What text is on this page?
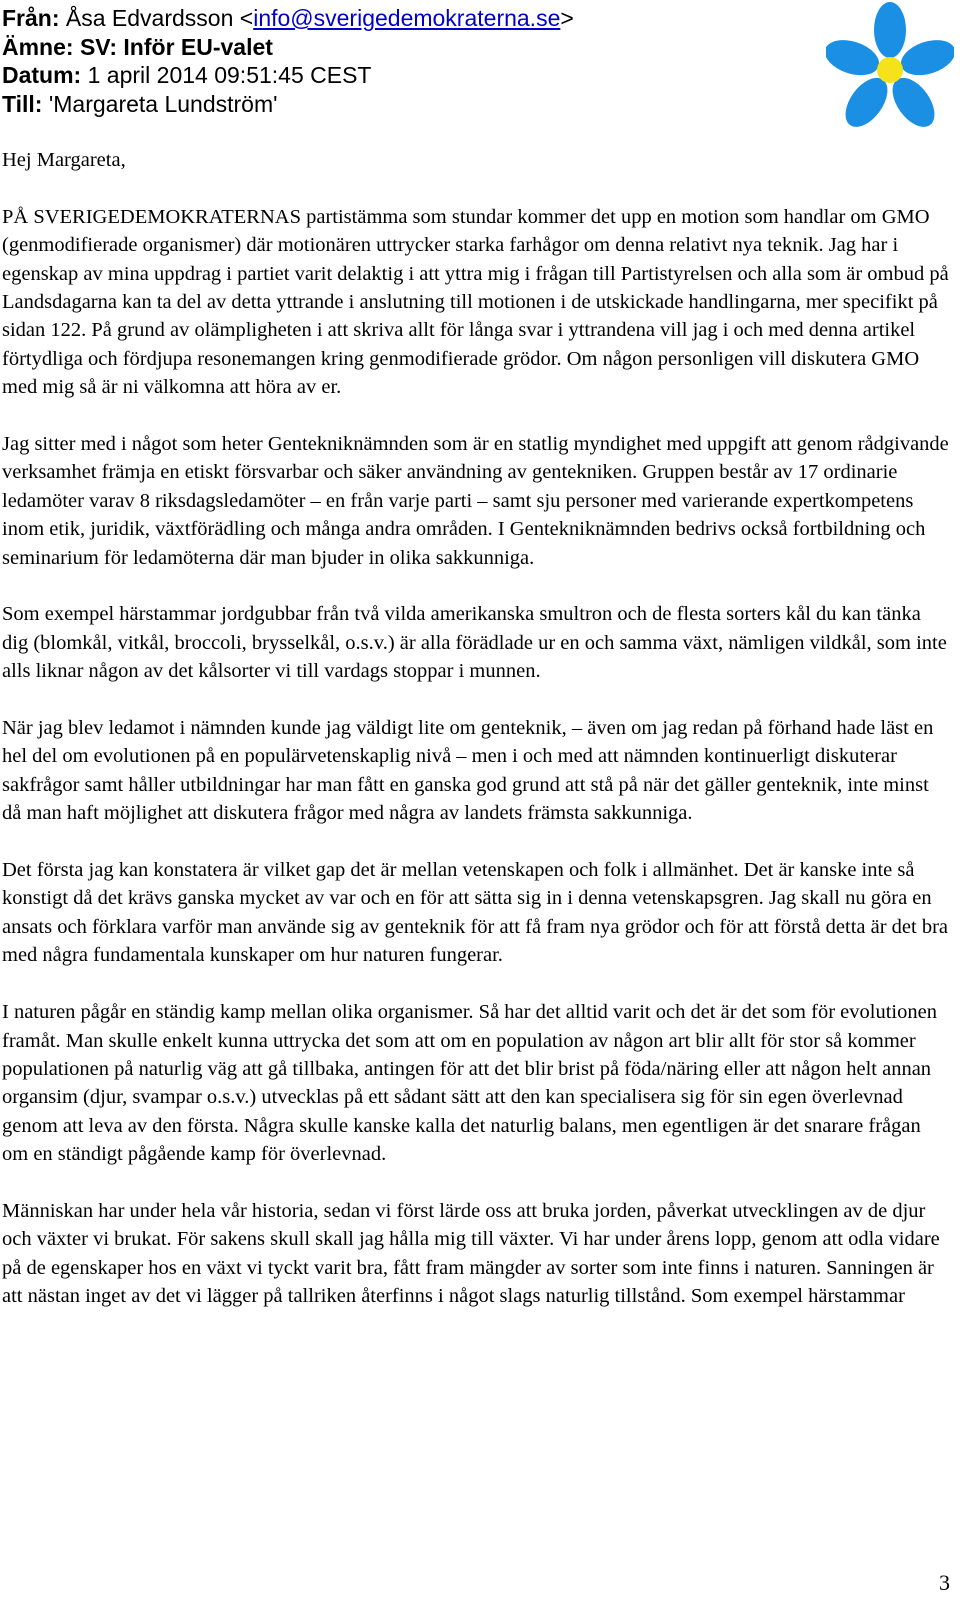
Från: Åsa Edvardsson <info@sverigedemokraterna.se>
Ämne: SV: Inför EU-valet
Datum: 1 april 2014 09:51:45 CEST
Till: 'Margareta Lundström'

Hej Margareta,

PÅ SVERIGEDEMOKRATERNAS partistämma som stundar kommer det upp en motion som handlar om GMO (genmodifierade organismer) där motionären uttrycker starka farhågor om denna relativt nya teknik. Jag har i egenskap av mina uppdrag i partiet varit delaktig i att yttra mig i frågan till Partistyrelsen och alla som är ombud på Landsdagarna kan ta del av detta yttrande i anslutning till motionen i de utskickade handlingarna, mer specifikt på sidan 122. På grund av olämpligheten i att skriva allt för långa svar i yttrandena vill jag i och med denna artikel förtydliga och fördjupa resonemangen kring genmodifierade grödor. Om någon personligen vill diskutera GMO med mig så är ni välkomna att höra av er.

Jag sitter med i något som heter Gentekniknämnden som är en statlig myndighet med uppgift att genom rådgivande verksamhet främja en etiskt försvarbar och säker användning av gentekniken. Gruppen består av 17 ordinarie ledamöter varav 8 riksdagsledamöter – en från varje parti – samt sju personer med varierande expertkompetens inom etik, juridik, växtförädling och många andra områden. I Gentekniknämnden bedrivs också fortbildning och seminarium för ledamöterna där man bjuder in olika sakkunniga.

Som exempel härstammar jordgubbar från två vilda amerikanska smultron och de flesta sorters kål du kan tänka dig (blomkål, vitkål, broccoli, brysselkål, o.s.v.) är alla förädlade ur en och samma växt, nämligen vildkål, som inte alls liknar någon av det kålsorter vi till vardags stoppar i munnen.

När jag blev ledamot i nämnden kunde jag väldigt lite om genteknik, – även om jag redan på förhand hade läst en hel del om evolutionen på en populärvetenskaplig nivå – men i och med att nämnden kontinuerligt diskuterar sakfrågor samt håller utbildningar har man fått en ganska god grund att stå på när det gäller genteknik, inte minst då man haft möjlighet att diskutera frågor med några av landets främsta sakkunniga.

Det första jag kan konstatera är vilket gap det är mellan vetenskapen och folk i allmänhet. Det är kanske inte så konstigt då det krävs ganska mycket av var och en för att sätta sig in i denna vetenskapsgren. Jag skall nu göra en ansats och förklara varför man använde sig av genteknik för att få fram nya grödor och för att förstå detta är det bra med några fundamentala kunskaper om hur naturen fungerar.

I naturen pågår en ständig kamp mellan olika organismer. Så har det alltid varit och det är det som för evolutionen framåt. Man skulle enkelt kunna uttrycka det som att om en population av någon art blir allt för stor så kommer populationen på naturlig väg att gå tillbaka, antingen för att det blir brist på föda/näring eller att någon helt annan organsim (djur, svampar o.s.v.) utvecklas på ett sådant sätt att den kan specialisera sig för sin egen överlevnad genom att leva av den första. Några skulle kanske kalla det naturlig balans, men egentligen är det snarare frågan om en ständigt pågående kamp för överlevnad.

Människan har under hela vår historia, sedan vi först lärde oss att bruka jorden, påverkat utvecklingen av de djur och växter vi brukat. För sakens skull skall jag hålla mig till växter. Vi har under årens lopp, genom att odla vidare på de egenskaper hos en växt vi tyckt varit bra, fått fram mängder av sorter som inte finns i naturen. Sanningen är att nästan inget av det vi lägger på tallriken återfinns i något slags naturlig tillstånd. Som exempel härstammar

3
